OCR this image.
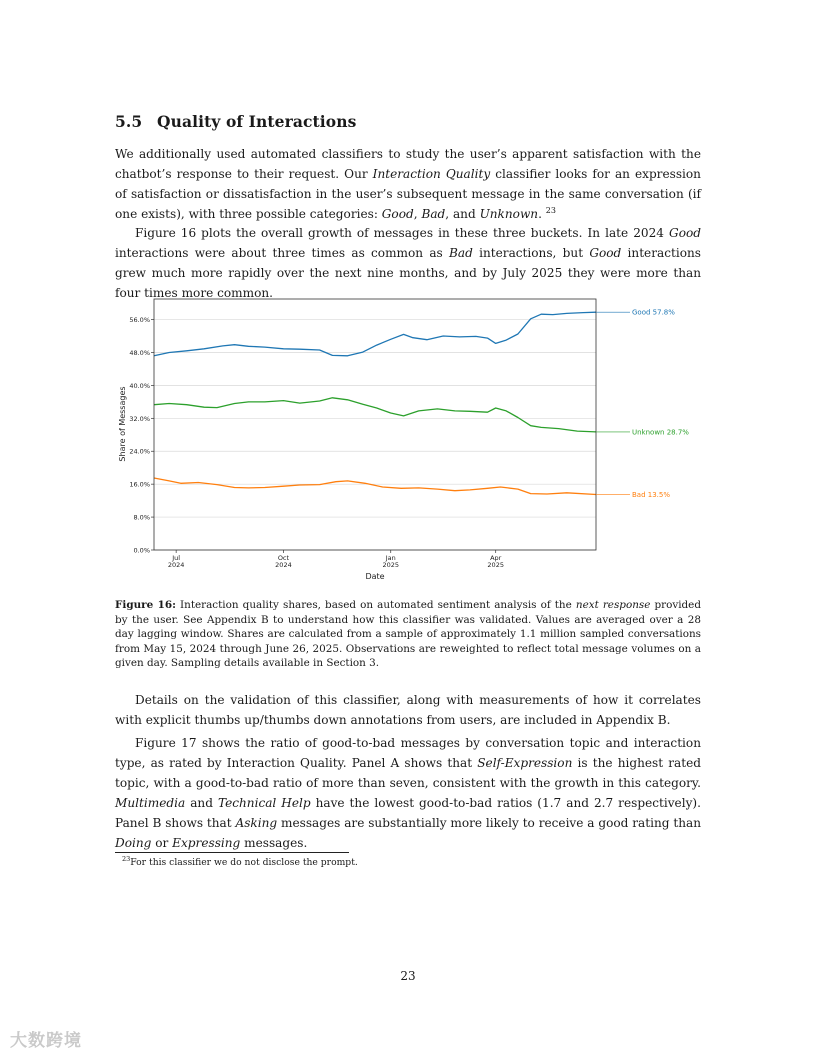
5.5 Quality of Interactions

We additionally used automated classifiers to study the user’s apparent satisfaction with the chatbot’s response to their request. Our Interaction Quality classifier looks for an expression of satisfaction or dissatisfaction in the user’s subsequent message in the same conversation (if one exists), with three possible categories: Good, Bad, and Unknown. $^{23}$

Figure 16 plots the overall growth of messages in these three buckets. In late 2024 Good interactions were about three times as common as Bad interactions, but Good interactions grew much more rapidly over the next nine months, and by July 2025 they were more than four times more common.

0.0%
8.0%
16.0%
24.0%
32.0%
40.0%
48.0%
56.0%
Jul
2024
Oct
2024
Jan
2025
Apr
2025
Good 57.8%
Unknown 28.7%
Bad 13.5%
Date
Share of Messages

Figure 16: Interaction quality shares, based on automated sentiment analysis of the next response provided by the user. See Appendix B to understand how this classifier was validated. Values are averaged over a 28 day lagging window. Shares are calculated from a sample of approximately 1.1 million sampled conversations from May 15, 2024 through June 26, 2025. Observations are reweighted to reflect total message volumes on a given day. Sampling details available in Section 3.

Details on the validation of this classifier, along with measurements of how it correlates with explicit thumbs up/thumbs down annotations from users, are included in Appendix B.

Figure 17 shows the ratio of good-to-bad messages by conversation topic and interaction type, as rated by Interaction Quality. Panel A shows that Self-Expression is the highest rated topic, with a good-to-bad ratio of more than seven, consistent with the growth in this category. Multimedia and Technical Help have the lowest good-to-bad ratios (1.7 and 2.7 respectively). Panel B shows that Asking messages are substantially more likely to receive a good rating than Doing or Expressing messages.

$^{23}$For this classifier we do not disclose the prompt.

23
大数跨境
